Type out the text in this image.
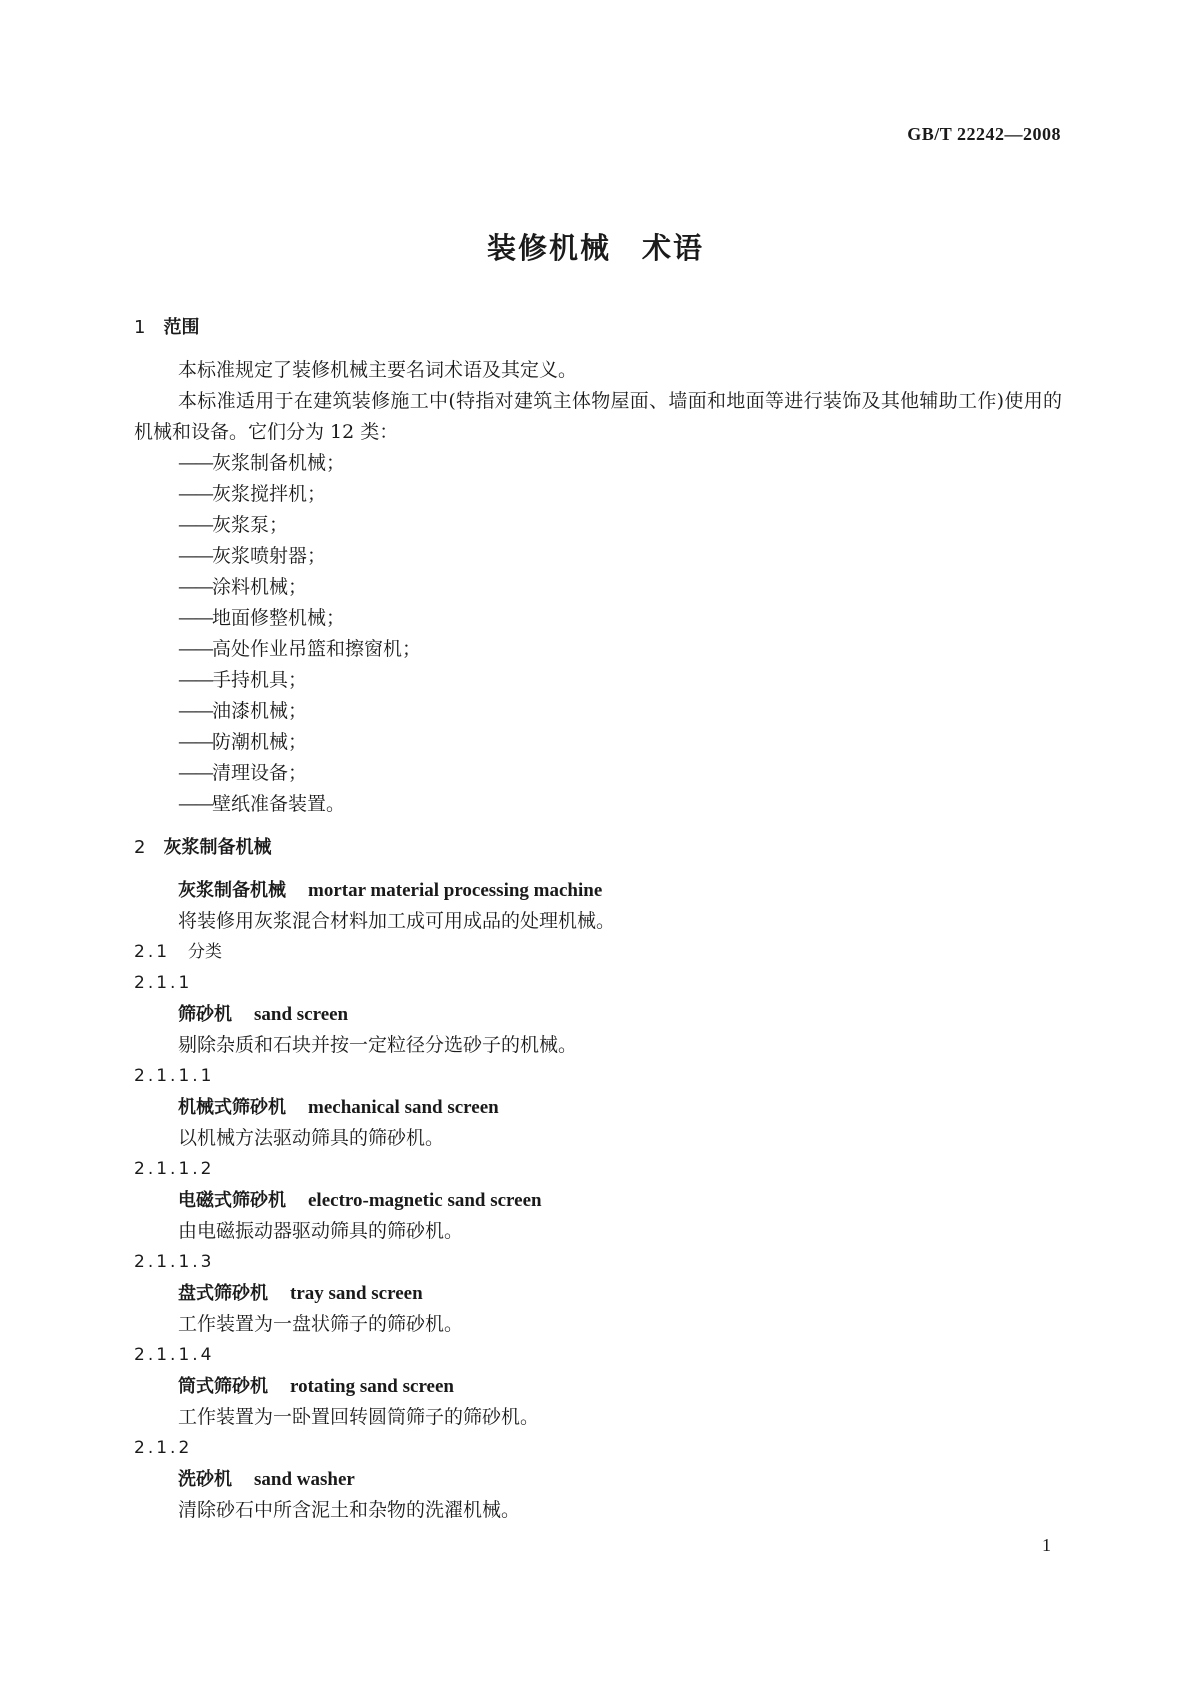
GB/T 22242—2008
装修机械　术语
1 范围
本标准规定了装修机械主要名词术语及其定义。
本标准适用于在建筑装修施工中(特指对建筑主体物屋面、墙面和地面等进行装饰及其他辅助工作)使用的机械和设备。它们分为 12 类：
——灰浆制备机械；
——灰浆搅拌机；
——灰浆泵；
——灰浆喷射器；
——涂料机械；
——地面修整机械；
——高处作业吊篮和擦窗机；
——手持机具；
——油漆机械；
——防潮机械；
——清理设备；
——壁纸准备装置。
2 灰浆制备机械
灰浆制备机械 mortar material processing machine
将装修用灰浆混合材料加工成可用成品的处理机械。
2.1 分类
2.1.1
筛砂机 sand screen
剔除杂质和石块并按一定粒径分选砂子的机械。
2.1.1.1
机械式筛砂机 mechanical sand screen
以机械方法驱动筛具的筛砂机。
2.1.1.2
电磁式筛砂机 electro-magnetic sand screen
由电磁振动器驱动筛具的筛砂机。
2.1.1.3
盘式筛砂机 tray sand screen
工作装置为一盘状筛子的筛砂机。
2.1.1.4
筒式筛砂机 rotating sand screen
工作装置为一卧置回转圆筒筛子的筛砂机。
2.1.2
洗砂机 sand washer
清除砂石中所含泥土和杂物的洗濯机械。
1
